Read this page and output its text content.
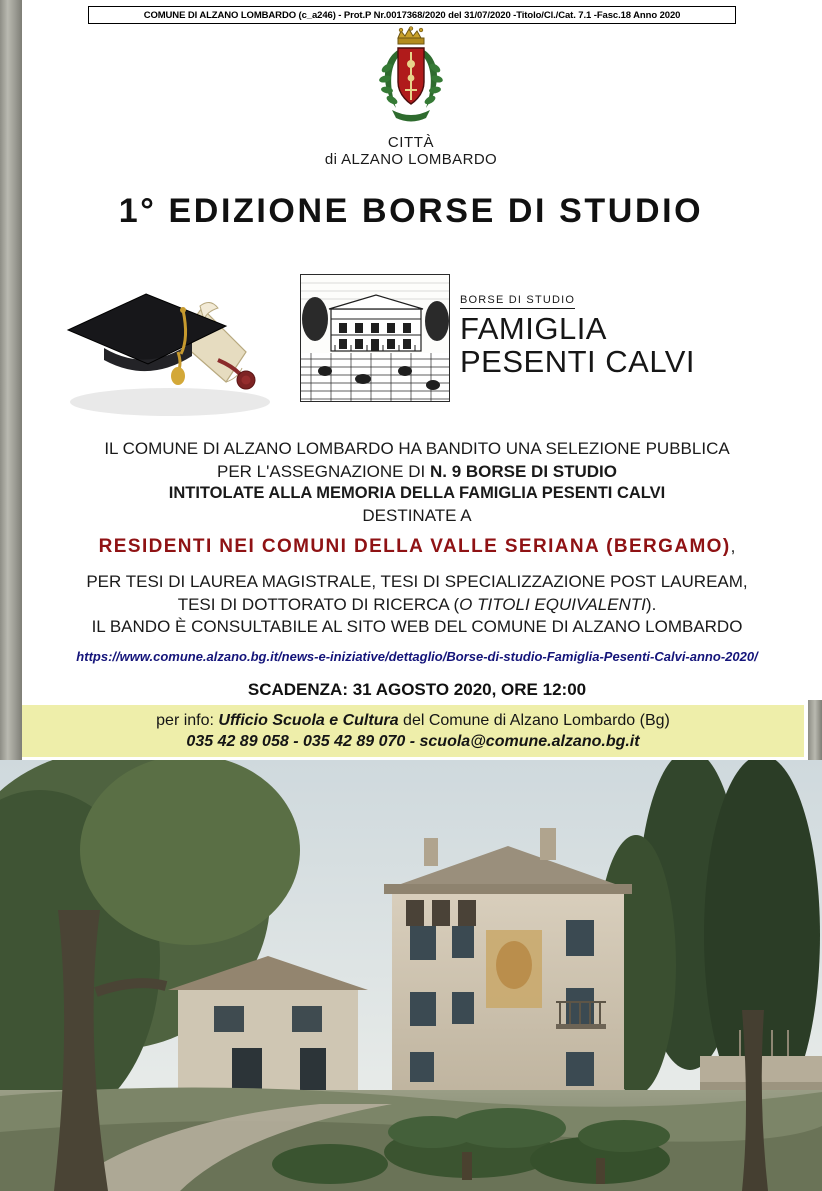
COMUNE DI ALZANO LOMBARDO (c_a246) - Prot.P Nr.0017368/2020 del 31/07/2020 -Titolo/Cl./Cat. 7.1 -Fasc.18 Anno 2020
CITTÀ
di ALZANO LOMBARDO
1° EDIZIONE BORSE DI STUDIO
BORSE DI STUDIO
FAMIGLIA
PESENTI CALVI
IL COMUNE DI ALZANO LOMBARDO HA BANDITO UNA SELEZIONE PUBBLICA
PER L'ASSEGNAZIONE DI N. 9 BORSE DI STUDIO
INTITOLATE ALLA MEMORIA DELLA FAMIGLIA PESENTI CALVI
DESTINATE A
RESIDENTI NEI COMUNI DELLA VALLE SERIANA (BERGAMO),
PER TESI DI LAUREA MAGISTRALE, TESI DI SPECIALIZZAZIONE POST LAUREAM,
TESI DI DOTTORATO DI RICERCA (O TITOLI EQUIVALENTI).
IL BANDO È CONSULTABILE AL SITO WEB DEL COMUNE DI ALZANO LOMBARDO
https://www.comune.alzano.bg.it/news-e-iniziative/dettaglio/Borse-di-studio-Famiglia-Pesenti-Calvi-anno-2020/
SCADENZA: 31 AGOSTO 2020, ORE 12:00
per info: Ufficio Scuola e Cultura del Comune di Alzano Lombardo (Bg)
035 42 89 058 - 035 42 89 070 - scuola@comune.alzano.bg.it
